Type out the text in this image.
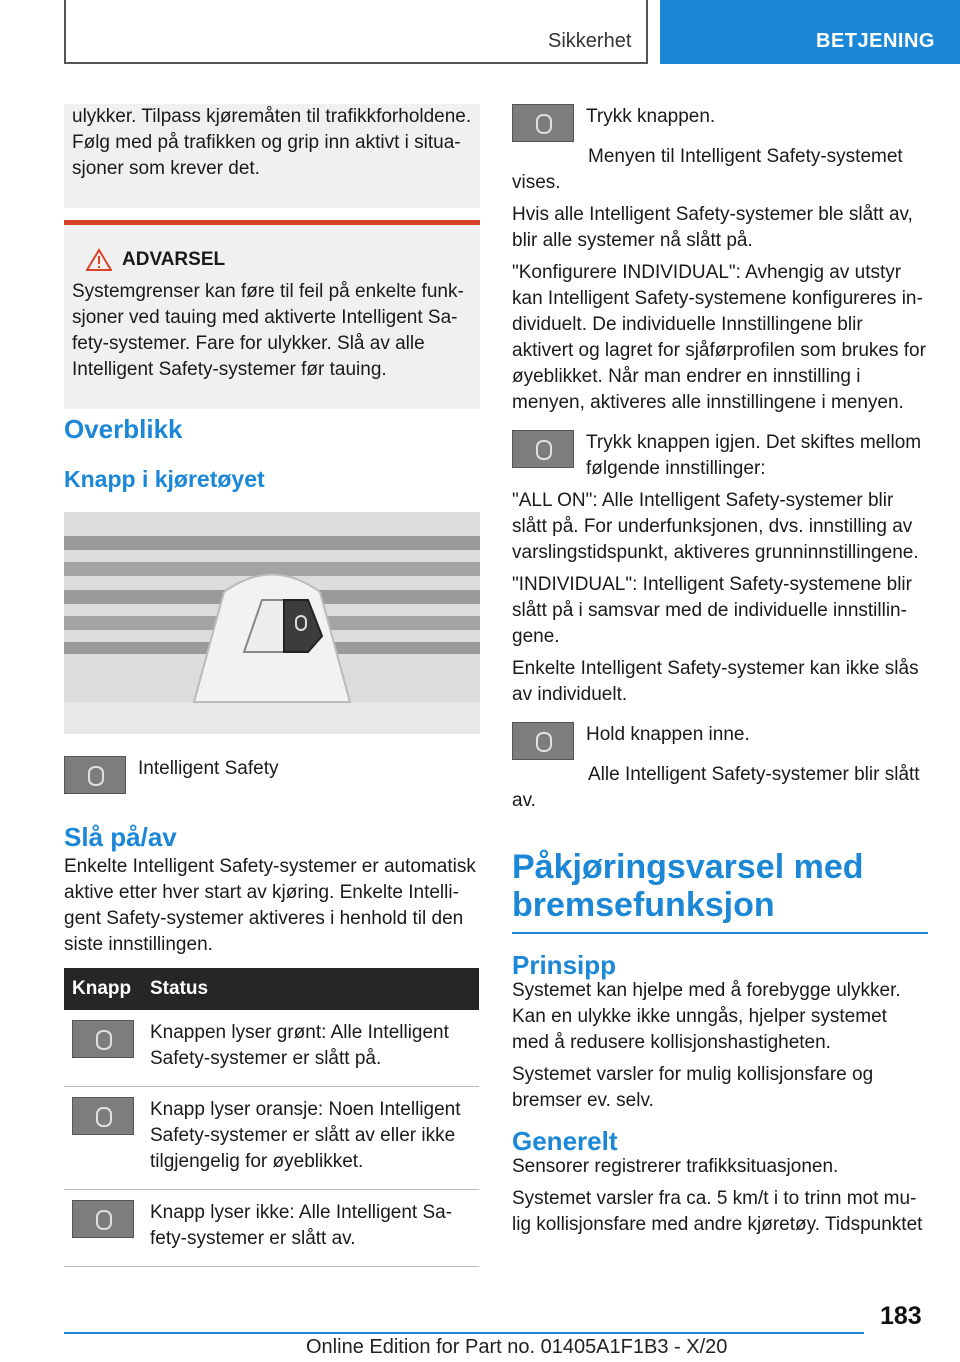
Sikkerhet	BETJENING

ulykker. Tilpass kjøremåten til trafikkforholdene. Følg med på trafikken og grip inn aktivt i situasjoner som krever det.

ADVARSEL

Systemgrenser kan føre til feil på enkelte funksjoner ved tauing med aktiverte Intelligent Safety-systemer. Fare for ulykker. Slå av alle Intelligent Safety-systemer før tauing.

Overblikk
Knapp i kjøretøyet
Intelligent Safety
Slå på/av

Enkelte Intelligent Safety-systemer er automatisk aktive etter hver start av kjøring. Enkelte Intelligent Safety-systemer aktiveres i henhold til den siste innstillingen.

Knapp	Status
	Knappen lyser grønt: Alle Intelligent Safety-systemer er slått på.
	Knapp lyser oransje: Noen Intelligent Safety-systemer er slått av eller ikke tilgjengelig for øyeblikket.
	Knapp lyser ikke: Alle Intelligent Safety-systemer er slått av.

Trykk knappen.

Menyen til Intelligent Safety-systemet vises.

Hvis alle Intelligent Safety-systemer ble slått av, blir alle systemer nå slått på.

"Konfigurere INDIVIDUAL": Avhengig av utstyr kan Intelligent Safety-systemene konfigureres individuelt. De individuelle Innstillingene blir aktivert og lagret for sjåførprofilen som brukes for øyeblikket. Når man endrer en innstilling i menyen, aktiveres alle innstillingene i menyen.

Trykk knappen igjen. Det skiftes mellom følgende innstillinger:

"ALL ON": Alle Intelligent Safety-systemer blir slått på. For underfunksjonen, dvs. innstilling av varslingstidspunkt, aktiveres grunninnstillingene.

"INDIVIDUAL": Intelligent Safety-systemene blir slått på i samsvar med de individuelle innstillingene.

Enkelte Intelligent Safety-systemer kan ikke slås av individuelt.

Hold knappen inne.

Alle Intelligent Safety-systemer blir slått av.

Påkjøringsvarsel med bremsefunksjon
Prinsipp

Systemet kan hjelpe med å forebygge ulykker. Kan en ulykke ikke unngås, hjelper systemet med å redusere kollisjonshastigheten.

Systemet varsler for mulig kollisjonsfare og bremser ev. selv.

Generelt

Sensorer registrerer trafikksituasjonen.

Systemet varsler fra ca. 5 km/t i to trinn mot mulig kollisjonsfare med andre kjøretøy. Tidspunktet

183
Online Edition for Part no. 01405A1F1B3 - X/20
